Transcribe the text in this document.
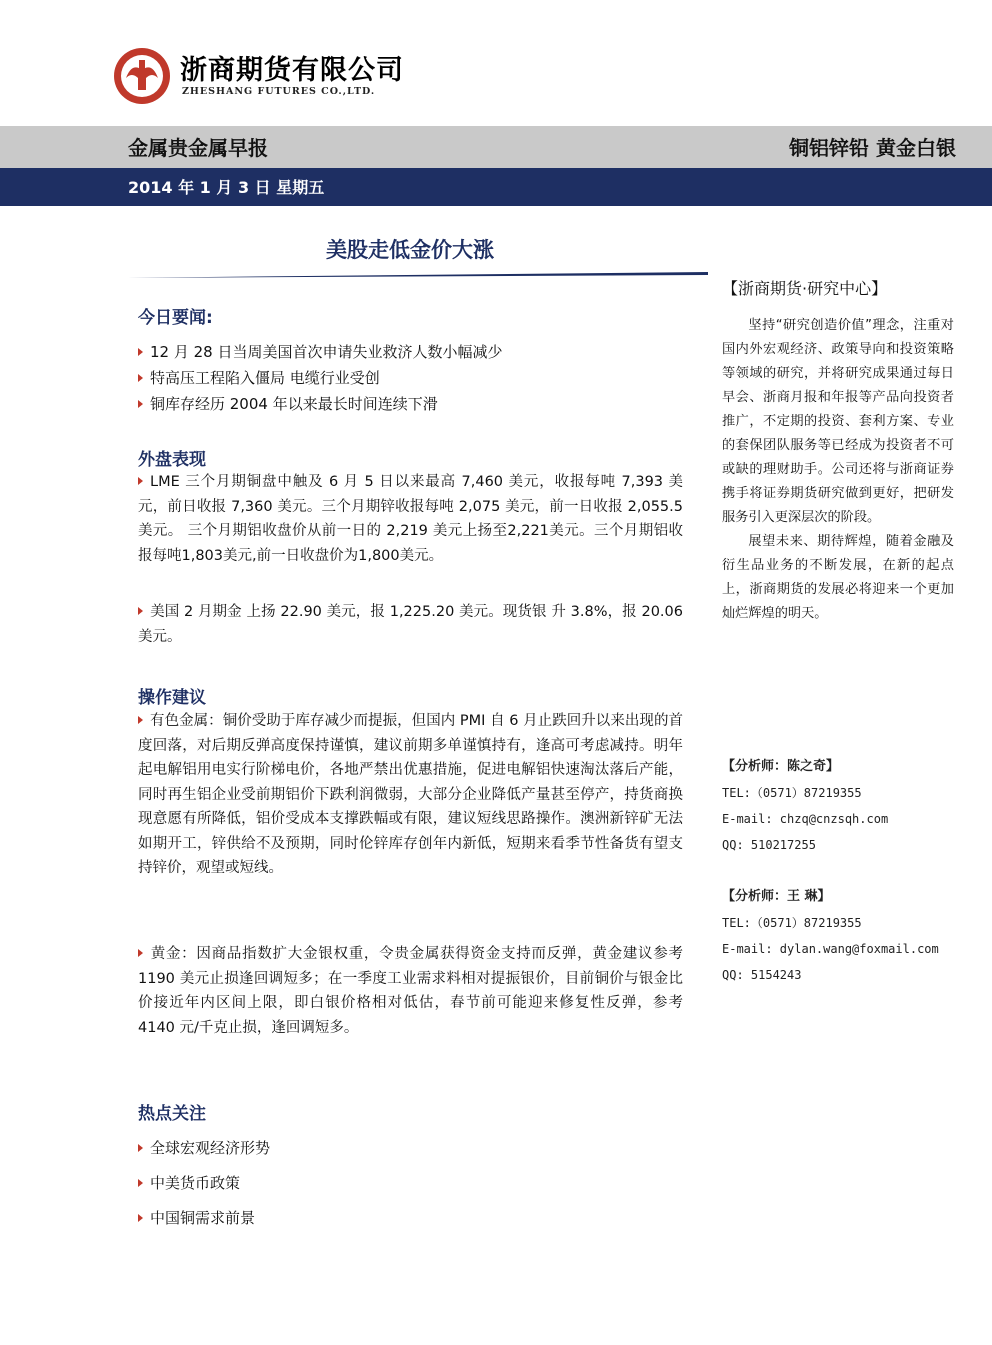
浙商期货有限公司
ZHESHANG FUTURES CO.,LTD.
金属贵金属早报	铜铝锌铅 黄金白银
2014 年 1 月 3 日 星期五
美股走低金价大涨
今日要闻:
12 月 28 日当周美国首次申请失业救济人数小幅减少
特高压工程陷入僵局 电缆行业受创
铜库存经历 2004 年以来最长时间连续下滑
外盘表现
LME 三个月期铜盘中触及 6 月 5 日以来最高 7,460 美元，收报每吨 7,393 美元，前日收报 7,360 美元。三个月期锌收报每吨 2,075 美元，前一日收报 2,055.5 美元。 三个月期铝收盘价从前一日的 2,219 美元上扬至2,221美元。三个月期铝收报每吨1,803美元,前一日收盘价为1,800美元。
美国 2 月期金 上扬 22.90 美元，报 1,225.20 美元。现货银 升 3.8%，报 20.06 美元。
操作建议
有色金属：铜价受助于库存减少而提振，但国内 PMI 自 6 月止跌回升以来出现的首度回落，对后期反弹高度保持谨慎，建议前期多单谨慎持有，逢高可考虑减持。明年起电解铝用电实行阶梯电价，各地严禁出优惠措施，促进电解铝快速淘汰落后产能，同时再生铝企业受前期铝价下跌利润微弱，大部分企业降低产量甚至停产，持货商换现意愿有所降低，铝价受成本支撑跌幅或有限，建议短线思路操作。澳洲新锌矿无法如期开工，锌供给不及预期，同时伦锌库存创年内新低，短期来看季节性备货有望支持锌价，观望或短线。
黄金：因商品指数扩大金银权重，令贵金属获得资金支持而反弹，黄金建议参考 1190 美元止损逢回调短多；在一季度工业需求料相对提振银价，目前铜价与银金比价接近年内区间上限，即白银价格相对低估，春节前可能迎来修复性反弹，参考 4140 元/千克止损，逢回调短多。
热点关注
全球宏观经济形势
中美货币政策
中国铜需求前景
【浙商期货·研究中心】

坚持“研究创造价值”理念，注重对国内外宏观经济、政策导向和投资策略等领域的研究，并将研究成果通过每日早会、浙商月报和年报等产品向投资者推广，不定期的投资、套利方案、专业的套保团队服务等已经成为投资者不可或缺的理财助手。公司还将与浙商证券携手将证券期货研究做到更好，把研发服务引入更深层次的阶段。

展望未来、期待辉煌，随着金融及衍生品业务的不断发展，在新的起点上，浙商期货的发展必将迎来一个更加灿烂辉煌的明天。

【分析师：陈之奇】
TEL:（0571）87219355
E-mail: chzq@cnzsqh.com
QQ: 510217255
【分析师：王 琳】
TEL:（0571）87219355
E-mail: dylan.wang@foxmail.com
QQ: 5154243
